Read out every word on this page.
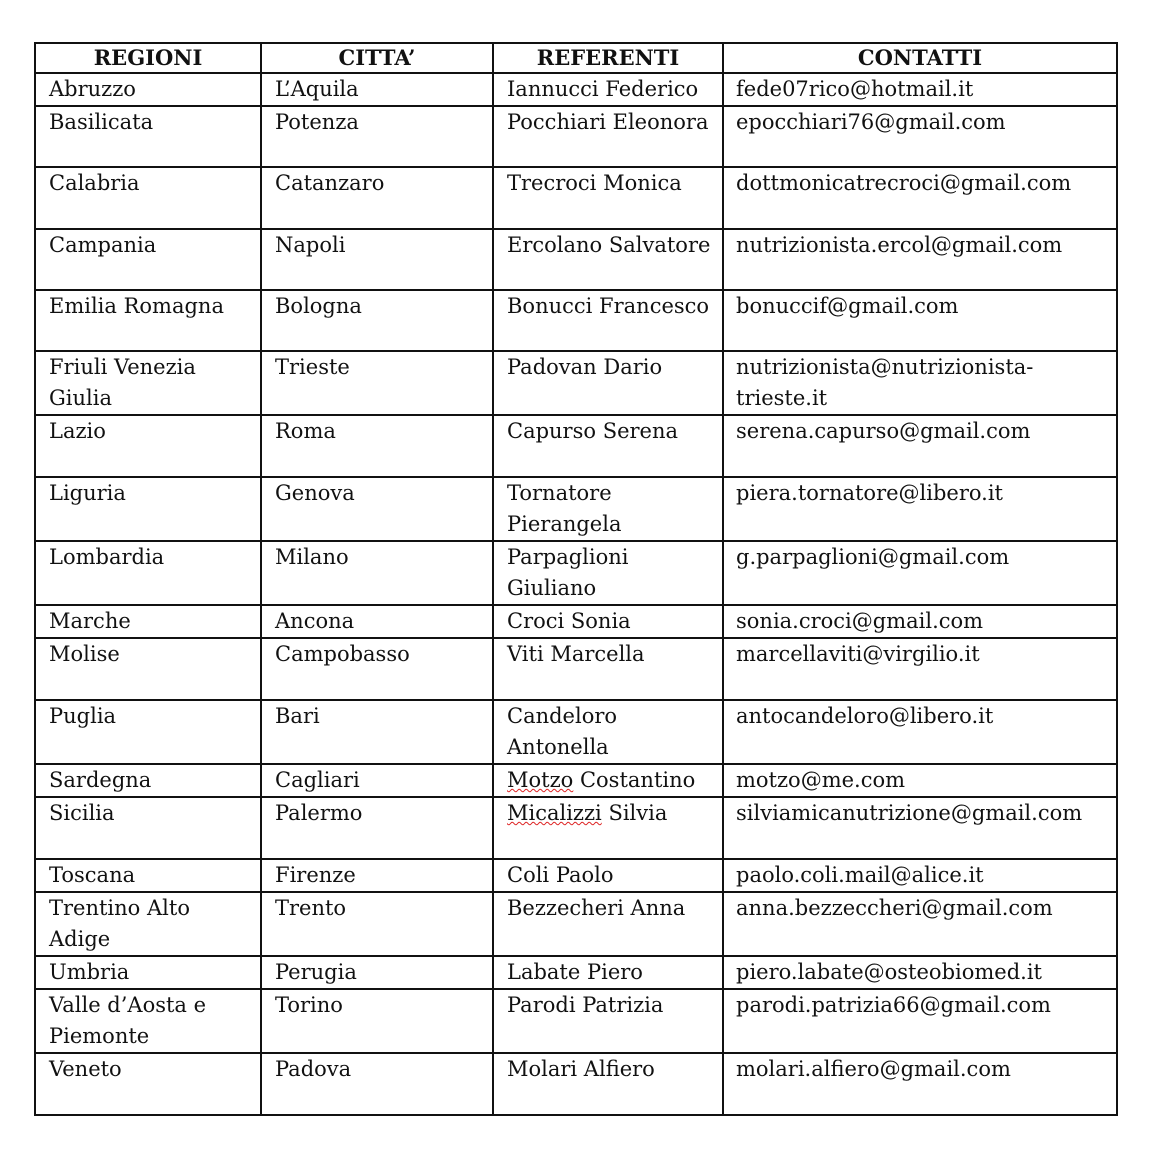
REGIONI	CITTA’	REFERENTI	CONTATTI
Abruzzo	L’Aquila	Iannucci Federico	fede07rico@hotmail.it
Basilicata	Potenza	Pocchiari Eleonora	epocchiari76@gmail.com
Calabria	Catanzaro	Trecroci Monica	dottmonicatrecroci@gmail.com
Campania	Napoli	Ercolano Salvatore	nutrizionista.ercol@gmail.com
Emilia Romagna	Bologna	Bonucci Francesco	bonuccif@gmail.com
Friuli Venezia Giulia	Trieste	Padovan Dario	nutrizionista@nutrizionista-trieste.it
Lazio	Roma	Capurso Serena	serena.capurso@gmail.com
Liguria	Genova	Tornatore Pierangela	piera.tornatore@libero.it
Lombardia	Milano	Parpaglioni Giuliano	g.parpaglioni@gmail.com
Marche	Ancona	Croci Sonia	sonia.croci@gmail.com
Molise	Campobasso	Viti Marcella	marcellaviti@virgilio.it
Puglia	Bari	Candeloro Antonella	antocandeloro@libero.it
Sardegna	Cagliari	Motzo Costantino	motzo@me.com
Sicilia	Palermo	Micalizzi Silvia	silviamicanutrizione@gmail.com
Toscana	Firenze	Coli Paolo	paolo.coli.mail@alice.it
Trentino Alto Adige	Trento	Bezzecheri Anna	anna.bezzeccheri@gmail.com
Umbria	Perugia	Labate Piero	piero.labate@osteobiomed.it
Valle d’Aosta e Piemonte	Torino	Parodi Patrizia	parodi.patrizia66@gmail.com
Veneto	Padova	Molari Alfiero	molari.alfiero@gmail.com
